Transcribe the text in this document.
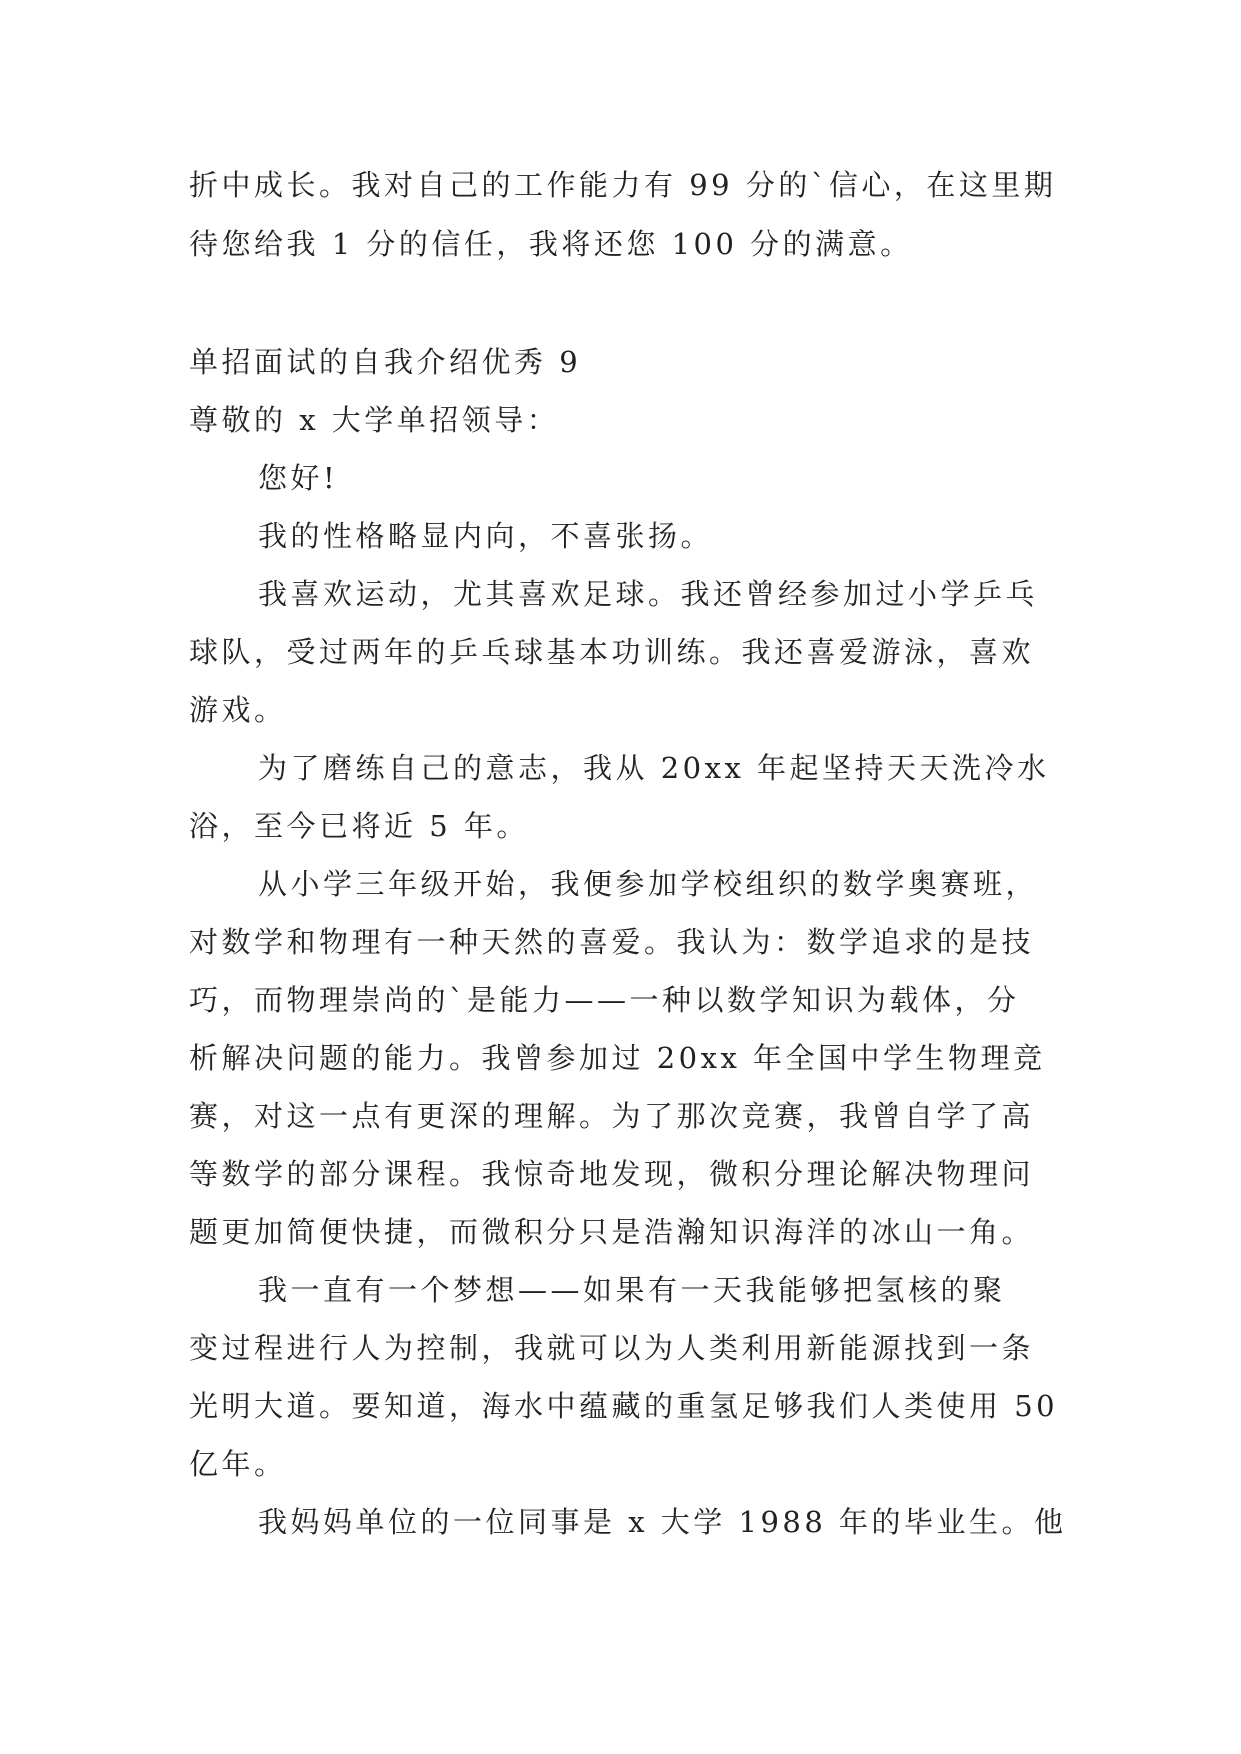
折中成长。我对自己的工作能力有 99 分的`信心，在这里期
待您给我 1 分的信任，我将还您 100 分的满意。
单招面试的自我介绍优秀 9
尊敬的 x 大学单招领导：
您好!
我的性格略显内向，不喜张扬。
我喜欢运动，尤其喜欢足球。我还曾经参加过小学乒乓
球队，受过两年的乒乓球基本功训练。我还喜爱游泳，喜欢
游戏。
为了磨练自己的意志，我从 20xx 年起坚持天天洗冷水
浴，至今已将近 5 年。
从小学三年级开始，我便参加学校组织的数学奥赛班，
对数学和物理有一种天然的喜爱。我认为：数学追求的是技
巧，而物理崇尚的`是能力——一种以数学知识为载体，分
析解决问题的能力。我曾参加过 20xx 年全国中学生物理竞
赛，对这一点有更深的理解。为了那次竞赛，我曾自学了高
等数学的部分课程。我惊奇地发现，微积分理论解决物理问
题更加简便快捷，而微积分只是浩瀚知识海洋的冰山一角。
我一直有一个梦想——如果有一天我能够把氢核的聚
变过程进行人为控制，我就可以为人类利用新能源找到一条
光明大道。要知道，海水中蕴藏的重氢足够我们人类使用 50
亿年。
我妈妈单位的一位同事是 x 大学 1988 年的毕业生。他
